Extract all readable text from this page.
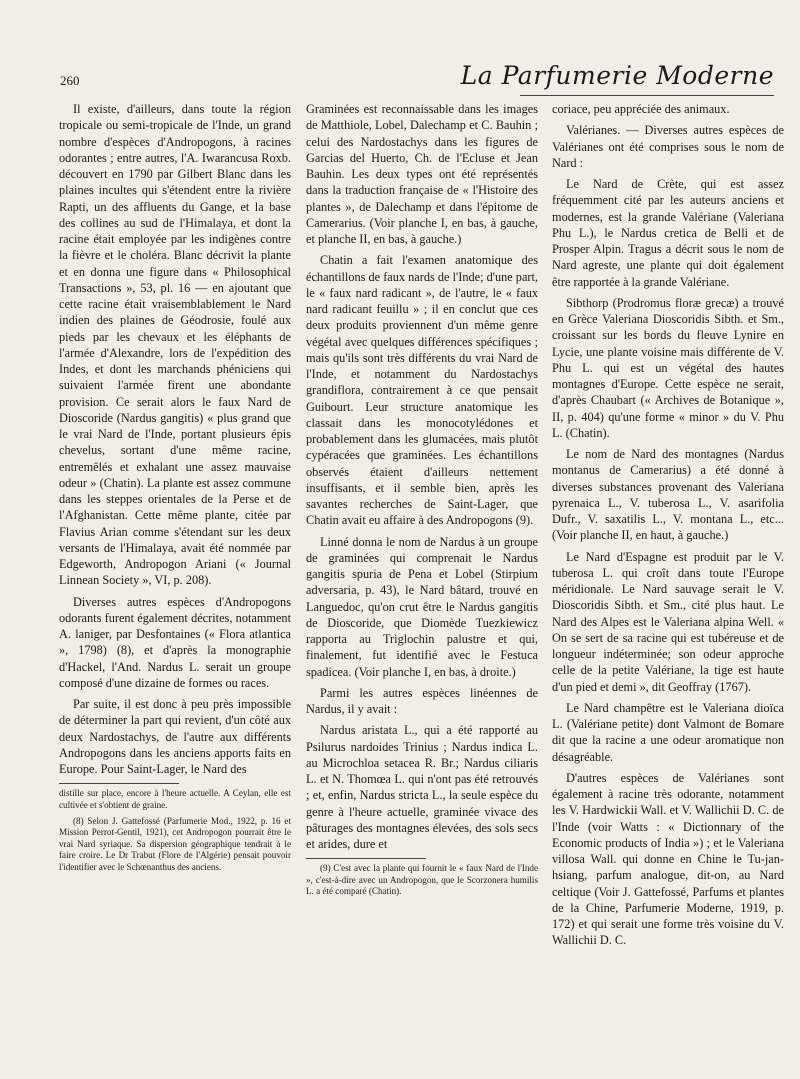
260	La Parfumerie Moderne

Il existe, d'ailleurs, dans toute la région tropicale ou semi-tropicale de l'Inde, un grand nombre d'espèces d'Andropogons, à racines odorantes ; entre autres, l'A. Iwarancusa Roxb. découvert en 1790 par Gilbert Blanc dans les plaines incultes qui s'étendent entre la rivière Rapti, un des affluents du Gange, et la base des collines au sud de l'Himalaya, et dont la racine était employée par les indigènes contre la fièvre et le choléra. Blanc décrivit la plante et en donna une figure dans « Philosophical Transactions », 53, pl. 16 — en ajoutant que cette racine était vraisemblablement le Nard indien des plaines de Géodrosie, foulé aux pieds par les chevaux et les éléphants de l'armée d'Alexandre, lors de l'expédition des Indes, et dont les marchands phéniciens qui suivaient l'armée firent une abondante provision. Ce serait alors le faux Nard de Dioscoride (Nardus gangitis) « plus grand que le vrai Nard de l'Inde, portant plusieurs épis chevelus, sortant d'une même racine, entremêlés et exhalant une assez mauvaise odeur » (Chatin). La plante est assez commune dans les steppes orientales de la Perse et de l'Afghanistan. Cette même plante, citée par Flavius Arian comme s'étendant sur les deux versants de l'Himalaya, avait été nommée par Edgeworth, Andropogon Ariani (« Journal Linnean Society », VI, p. 208).

Diverses autres espèces d'Andropogons odorants furent également décrites, notamment A. laniger, par Desfontaines (« Flora atlantica », 1798) (8), et d'après la monographie d'Hackel, l'And. Nardus L. serait un groupe composé d'une dizaine de formes ou races.

Par suite, il est donc à peu près impossible de déterminer la part qui revient, d'un côté aux deux Nardostachys, de l'autre aux différents Andropogons dans les anciens apports faits en Europe. Pour Saint-Lager, le Nard des

distille sur place, encore à l'heure actuelle. A Ceylan, elle est cultivée et s'obtient de graine.

(8) Selon J. Gattefossé (Parfumerie Mod., 1922, p. 16 et Mission Perrot-Gentil, 1921), cet Andropogon pourrait être le vrai Nard syriaque. Sa dispersion géographique tendrait à le faire croire. Le Dr Trabut (Flore de l'Algérie) pensait pouvoir l'identifier avec le Schœnanthus des anciens.

Graminées est reconnaissable dans les images de Matthiole, Lobel, Dalechamp et C. Bauhin ; celui des Nardostachys dans les figures de Garcias del Huerto, Ch. de l'Ecluse et Jean Bauhin. Les deux types ont été représentés dans la traduction française de « l'Histoire des plantes », de Dalechamp et dans l'épitome de Camerarius. (Voir planche I, en bas, à gauche, et planche II, en bas, à gauche.)

Chatin a fait l'examen anatomique des échantillons de faux nards de l'Inde; d'une part, le « faux nard radicant », de l'autre, le « faux nard radicant feuillu » ; il en conclut que ces deux produits proviennent d'un même genre végétal avec quelques différences spécifiques ; mais qu'ils sont très différents du vrai Nard de l'Inde, et notamment du Nardostachys grandiflora, contrairement à ce que pensait Guibourt. Leur structure anatomique les classait dans les monocotylédones et probablement dans les glumacées, mais plutôt cypéracées que graminées. Les échantillons observés étaient d'ailleurs nettement insuffisants, et il semble bien, après les savantes recherches de Saint-Lager, que Chatin avait eu affaire à des Andropogons (9).

Linné donna le nom de Nardus à un groupe de graminées qui comprenait le Nardus gangitis spuria de Pena et Lobel (Stirpium adversaria, p. 43), le Nard bâtard, trouvé en Languedoc, qu'on crut être le Nardus gangitis de Dioscoride, que Diomède Tuezkiewicz rapporta au Triglochin palustre et qui, finalement, fut identifié avec le Festuca spadicea. (Voir planche I, en bas, à droite.)

Parmi les autres espèces linéennes de Nardus, il y avait :

Nardus aristata L., qui a été rapporté au Psilurus nardoides Trinius ; Nardus indica L. au Microchloa setacea R. Br.; Nardus ciliaris L. et N. Thomœa L. qui n'ont pas été retrouvés ; et, enfin, Nardus stricta L., la seule espèce du genre à l'heure actuelle, graminée vivace des pâturages des montagnes élevées, des sols secs et arides, dure et

(9) C'est avec la plante qui fournit le « faux Nard de l'Inde », c'est-à-dire avec un Andropogon, que le Scorzonera humilis L. a été comparé (Chatin).

coriace, peu appréciée des animaux.

Valérianes. — Diverses autres espèces de Valérianes ont été comprises sous le nom de Nard :

Le Nard de Crète, qui est assez fréquemment cité par les auteurs anciens et modernes, est la grande Valériane (Valeriana Phu L.), le Nardus cretica de Belli et de Prosper Alpin. Tragus a décrit sous le nom de Nard agreste, une plante qui doit également être rapportée à la grande Valériane.

Sibthorp (Prodromus floræ grecæ) a trouvé en Grèce Valeriana Dioscoridis Sibth. et Sm., croissant sur les bords du fleuve Lynire en Lycie, une plante voisine mais différente de V. Phu L. qui est un végétal des hautes montagnes d'Europe. Cette espèce ne serait, d'après Chaubart (« Archives de Botanique », II, p. 404) qu'une forme « minor » du V. Phu L. (Chatin).

Le nom de Nard des montagnes (Nardus montanus de Camerarius) a été donné à diverses substances provenant des Valeriana pyrenaica L., V. tuberosa L., V. asarifolia Dufr., V. saxatilis L., V. montana L., etc... (Voir planche II, en haut, à gauche.)

Le Nard d'Espagne est produit par le V. tuberosa L. qui croît dans toute l'Europe méridionale. Le Nard sauvage serait le V. Dioscoridis Sibth. et Sm., cité plus haut. Le Nard des Alpes est le Valeriana alpina Well. « On se sert de sa racine qui est tubéreuse et de longueur indéterminée; son odeur approche celle de la petite Valériane, la tige est haute d'un pied et demi », dit Geoffray (1767).

Le Nard champêtre est le Valeriana dioïca L. (Valériane petite) dont Valmont de Bomare dit que la racine a une odeur aromatique non désagréable.

D'autres espèces de Valérianes sont également à racine très odorante, notamment les V. Hardwickii Wall. et V. Wallichii D. C. de l'Inde (voir Watts : « Dictionnary of the Economic products of India ») ; et le Valeriana villosa Wall. qui donne en Chine le Tu-jan-hsiang, parfum analogue, dit-on, au Nard celtique (Voir J. Gattefossé, Parfums et plantes de la Chine, Parfumerie Moderne, 1919, p. 172) et qui serait une forme très voisine du V. Wallichii D. C.
